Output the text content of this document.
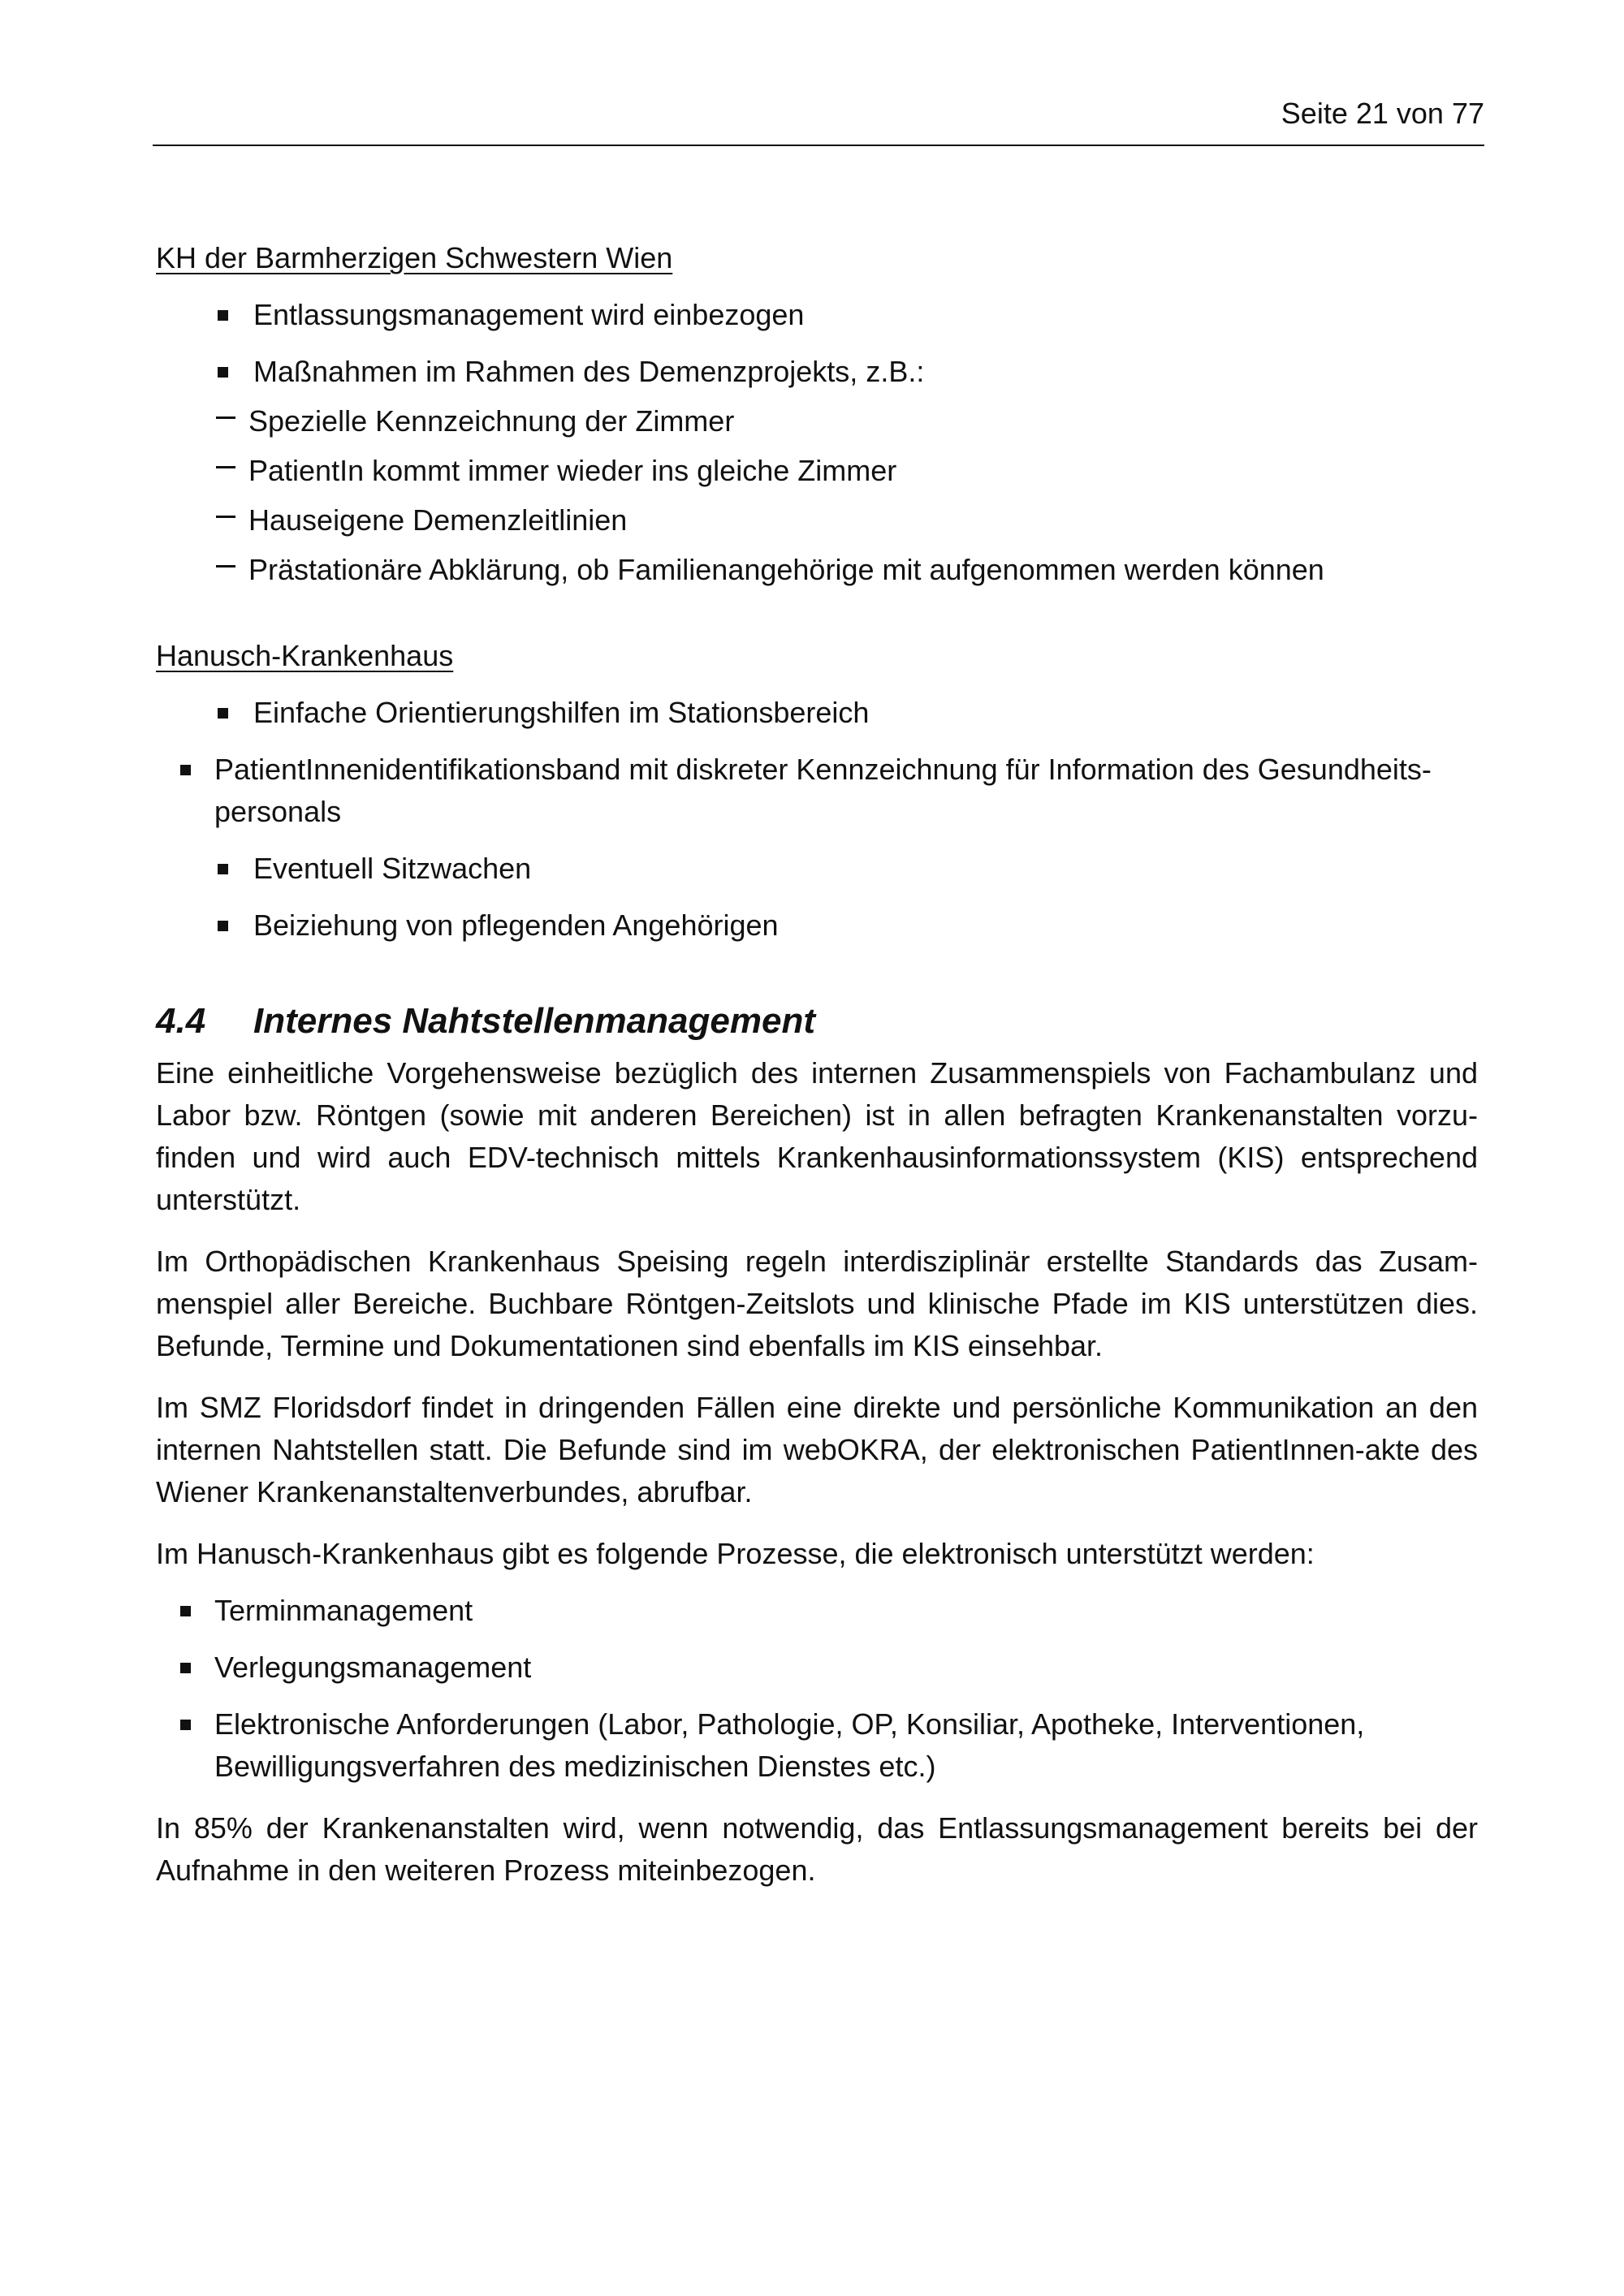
Seite 21 von 77

KH der Barmherzigen Schwestern Wien

Entlassungsmanagement wird einbezogen
Maßnahmen im Rahmen des Demenzprojekts, z.B.:
Spezielle Kennzeichnung der Zimmer
PatientIn kommt immer wieder ins gleiche Zimmer
Hauseigene Demenzleitlinien
Prästationäre Abklärung, ob Familienangehörige mit aufgenommen werden können

Hanusch-Krankenhaus

Einfache Orientierungshilfen im Stationsbereich
PatientInnenidentifikationsband mit diskreter Kennzeichnung für Information des Gesundheits-personals
Eventuell Sitzwachen
Beiziehung von pflegenden Angehörigen
4.4	Internes Nahtstellenmanagement

Eine einheitliche Vorgehensweise bezüglich des internen Zusammenspiels von Fachambulanz und Labor bzw. Röntgen (sowie mit anderen Bereichen) ist in allen befragten Krankenanstalten vorzu-finden und wird auch EDV-technisch mittels Krankenhausinformationssystem (KIS) entsprechend unterstützt.

Im Orthopädischen Krankenhaus Speising regeln interdisziplinär erstellte Standards das Zusam-menspiel aller Bereiche. Buchbare Röntgen-Zeitslots und klinische Pfade im KIS unterstützen dies. Befunde, Termine und Dokumentationen sind ebenfalls im KIS einsehbar.

Im SMZ Floridsdorf findet in dringenden Fällen eine direkte und persönliche Kommunikation an den internen Nahtstellen statt. Die Befunde sind im webOKRA, der elektronischen PatientInnen-akte des Wiener Krankenanstaltenverbundes, abrufbar.

Im Hanusch-Krankenhaus gibt es folgende Prozesse, die elektronisch unterstützt werden:

Terminmanagement
Verlegungsmanagement
Elektronische Anforderungen (Labor, Pathologie, OP, Konsiliar, Apotheke, Interventionen, Bewilligungsverfahren des medizinischen Dienstes etc.)

In 85% der Krankenanstalten wird, wenn notwendig, das Entlassungsmanagement bereits bei der Aufnahme in den weiteren Prozess miteinbezogen.
